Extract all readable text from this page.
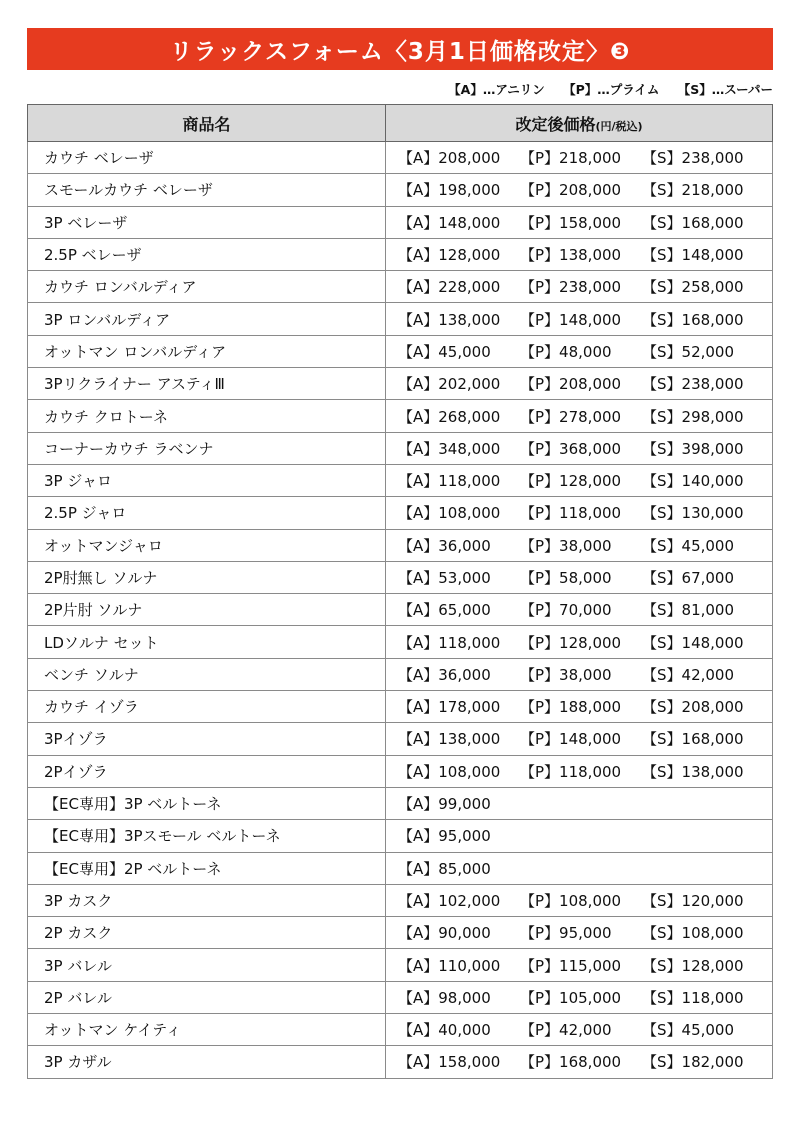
リラックスフォーム〈3月1日価格改定〉❸
【A】…アニリン 【P】…プライム 【S】…スーパー
商品名	改定後価格(円/税込)
カウチ ベレーザ	【A】208,000 【P】218,000 【S】238,000
スモールカウチ ベレーザ	【A】198,000 【P】208,000 【S】218,000
3P ベレーザ	【A】148,000 【P】158,000 【S】168,000
2.5P ベレーザ	【A】128,000 【P】138,000 【S】148,000
カウチ ロンバルディア	【A】228,000 【P】238,000 【S】258,000
3P ロンバルディア	【A】138,000 【P】148,000 【S】168,000
オットマン ロンバルディア	【A】45,000 【P】48,000 【S】52,000
3Pリクライナー アスティⅢ	【A】202,000 【P】208,000 【S】238,000
カウチ クロトーネ	【A】268,000 【P】278,000 【S】298,000
コーナーカウチ ラベンナ	【A】348,000 【P】368,000 【S】398,000
3P ジャロ	【A】118,000 【P】128,000 【S】140,000
2.5P ジャロ	【A】108,000 【P】118,000 【S】130,000
オットマンジャロ	【A】36,000 【P】38,000 【S】45,000
2P肘無し ソルナ	【A】53,000 【P】58,000 【S】67,000
2P片肘 ソルナ	【A】65,000 【P】70,000 【S】81,000
LDソルナ セット	【A】118,000 【P】128,000 【S】148,000
ベンチ ソルナ	【A】36,000 【P】38,000 【S】42,000
カウチ イゾラ	【A】178,000 【P】188,000 【S】208,000
3Pイゾラ	【A】138,000 【P】148,000 【S】168,000
2Pイゾラ	【A】108,000 【P】118,000 【S】138,000
【EC専用】3P ベルトーネ	【A】99,000
【EC専用】3Pスモール ベルトーネ	【A】95,000
【EC専用】2P ベルトーネ	【A】85,000
3P カスク	【A】102,000 【P】108,000 【S】120,000
2P カスク	【A】90,000 【P】95,000 【S】108,000
3P バレル	【A】110,000 【P】115,000 【S】128,000
2P バレル	【A】98,000 【P】105,000 【S】118,000
オットマン ケイティ	【A】40,000 【P】42,000 【S】45,000
3P カザル	【A】158,000 【P】168,000 【S】182,000
